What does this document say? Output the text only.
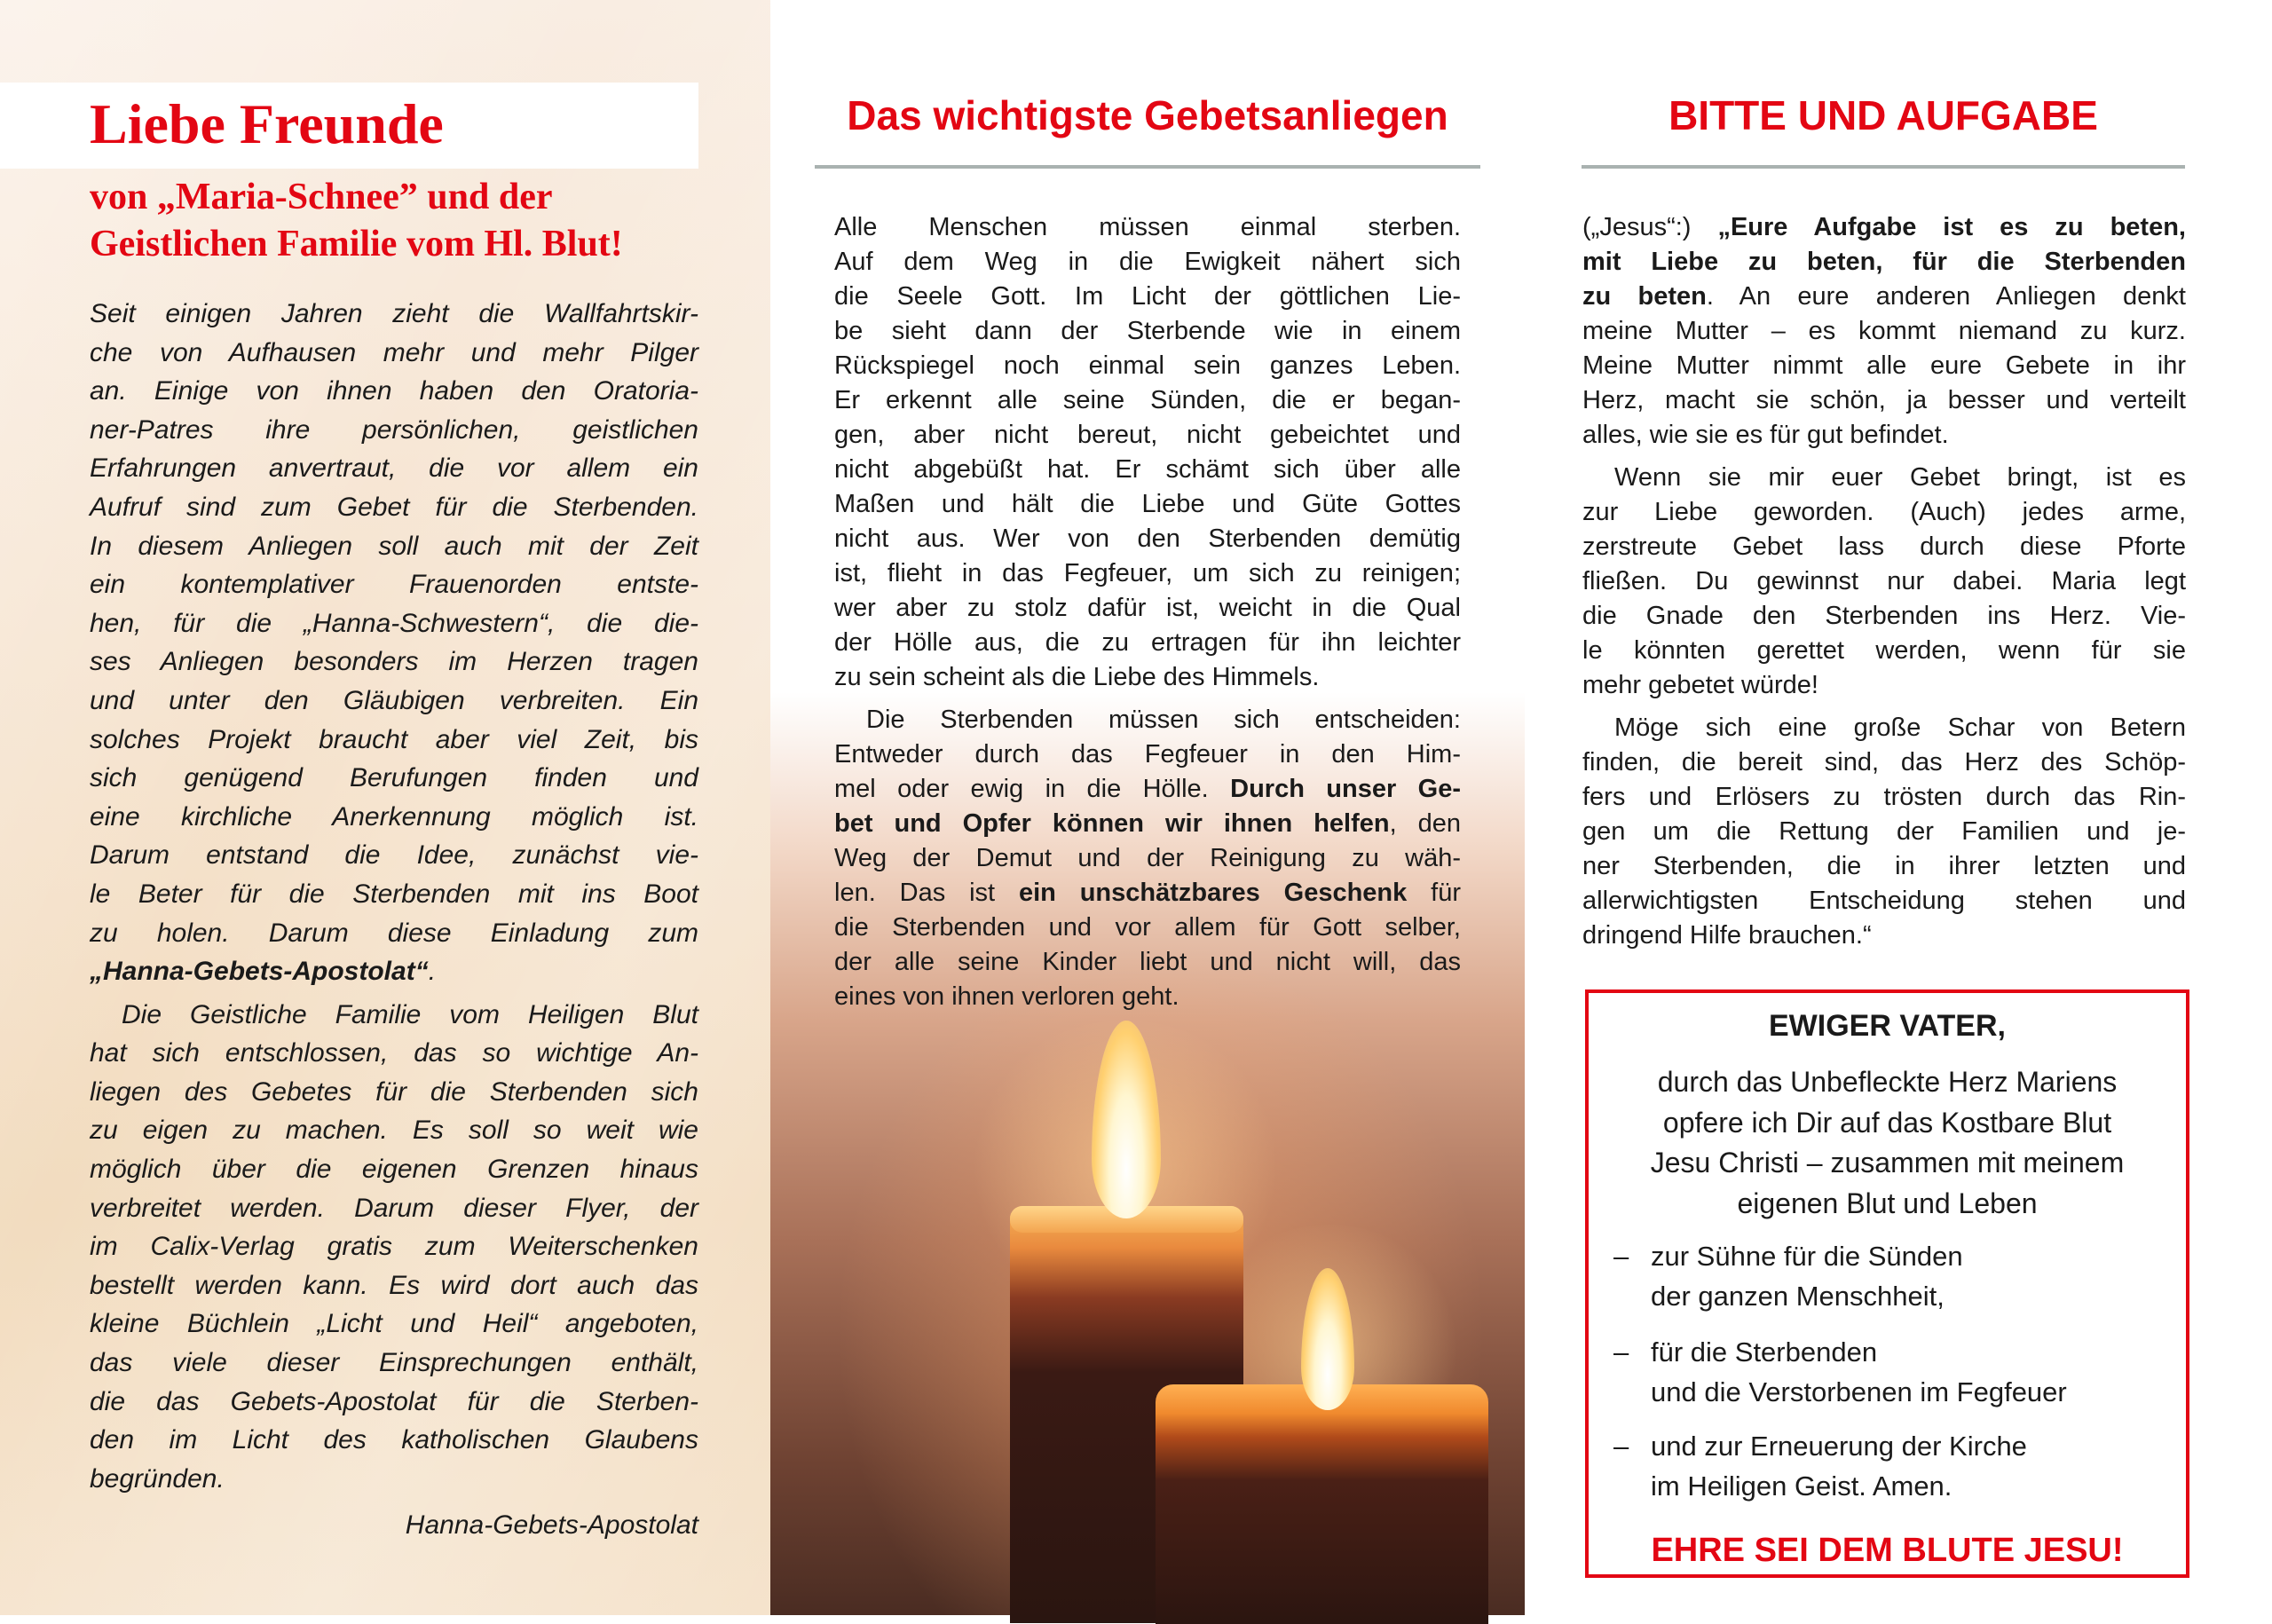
Liebe Freunde
von „Maria-Schnee” und der
Geistlichen Familie vom Hl. Blut!
Seit einigen Jahren zieht die Wallfahrtskir-
che von Aufhausen mehr und mehr Pilger
an. Einige von ihnen haben den Oratoria-
ner-Patres ihre persönlichen, geistlichen
Erfahrungen anvertraut, die vor allem ein
Aufruf sind zum Gebet für die Sterbenden.
In diesem Anliegen soll auch mit der Zeit
ein kontemplativer Frauenorden entste-
hen, für die „Hanna-Schwestern“, die die-
ses Anliegen besonders im Herzen tragen
und unter den Gläubigen verbreiten. Ein
solches Projekt braucht aber viel Zeit, bis
sich genügend Berufungen finden und
eine kirchliche Anerkennung möglich ist.
Darum entstand die Idee, zunächst vie-
le Beter für die Sterbenden mit ins Boot
zu holen. Darum diese Einladung zum
„Hanna-Gebets-Apostolat“.
Die Geistliche Familie vom Heiligen Blut
hat sich entschlossen, das so wichtige An-
liegen des Gebetes für die Sterbenden sich
zu eigen zu machen. Es soll so weit wie
möglich über die eigenen Grenzen hinaus
verbreitet werden. Darum dieser Flyer, der
im Calix-Verlag gratis zum Weiterschenken
bestellt werden kann. Es wird dort auch das
kleine Büchlein „Licht und Heil“ angeboten,
das viele dieser Einsprechungen enthält,
die das Gebets-Apostolat für die Sterben-
den im Licht des katholischen Glaubens
begründen.
Hanna-Gebets-Apostolat
Das wichtigste Gebetsanliegen
Alle Menschen müssen einmal sterben.
Auf dem Weg in die Ewigkeit nähert sich
die Seele Gott. Im Licht der göttlichen Lie-
be sieht dann der Sterbende wie in einem
Rückspiegel noch einmal sein ganzes Leben.
Er erkennt alle seine Sünden, die er began-
gen, aber nicht bereut, nicht gebeichtet und
nicht abgebüßt hat. Er schämt sich über alle
Maßen und hält die Liebe und Güte Gottes
nicht aus. Wer von den Sterbenden demütig
ist, flieht in das Fegfeuer, um sich zu reinigen;
wer aber zu stolz dafür ist, weicht in die Qual
der Hölle aus, die zu ertragen für ihn leichter
zu sein scheint als die Liebe des Himmels.
Die Sterbenden müssen sich entscheiden:
Entweder durch das Fegfeuer in den Him-
mel oder ewig in die Hölle. Durch unser Ge-
bet und Opfer können wir ihnen helfen, den
Weg der Demut und der Reinigung zu wäh-
len. Das ist ein unschätzbares Geschenk für
die Sterbenden und vor allem für Gott selber,
der alle seine Kinder liebt und nicht will, das
eines von ihnen verloren geht.
BITTE UND AUFGABE
(„Jesus“:) „Eure Aufgabe ist es zu beten,
mit Liebe zu beten, für die Sterbenden
zu beten. An eure anderen Anliegen denkt
meine Mutter – es kommt niemand zu kurz.
Meine Mutter nimmt alle eure Gebete in ihr
Herz, macht sie schön, ja besser und verteilt
alles, wie sie es für gut befindet.
Wenn sie mir euer Gebet bringt, ist es
zur Liebe geworden. (Auch) jedes arme,
zerstreute Gebet lass durch diese Pforte
fließen. Du gewinnst nur dabei. Maria legt
die Gnade den Sterbenden ins Herz. Vie-
le könnten gerettet werden, wenn für sie
mehr gebetet würde!
Möge sich eine große Schar von Betern
finden, die bereit sind, das Herz des Schöp-
fers und Erlösers zu trösten durch das Rin-
gen um die Rettung der Familien und je-
ner Sterbenden, die in ihrer letzten und
allerwichtigsten Entscheidung stehen und
dringend Hilfe brauchen.“
EWIGER VATER,
durch das Unbefleckte Herz Mariens
opfere ich Dir auf das Kostbare Blut
Jesu Christi – zusammen mit meinem
eigenen Blut und Leben
– zur Sühne für die Sünden
der ganzen Menschheit,
– für die Sterbenden
und die Verstorbenen im Fegfeuer
– und zur Erneuerung der Kirche
im Heiligen Geist. Amen.
EHRE SEI DEM BLUTE JESU!
